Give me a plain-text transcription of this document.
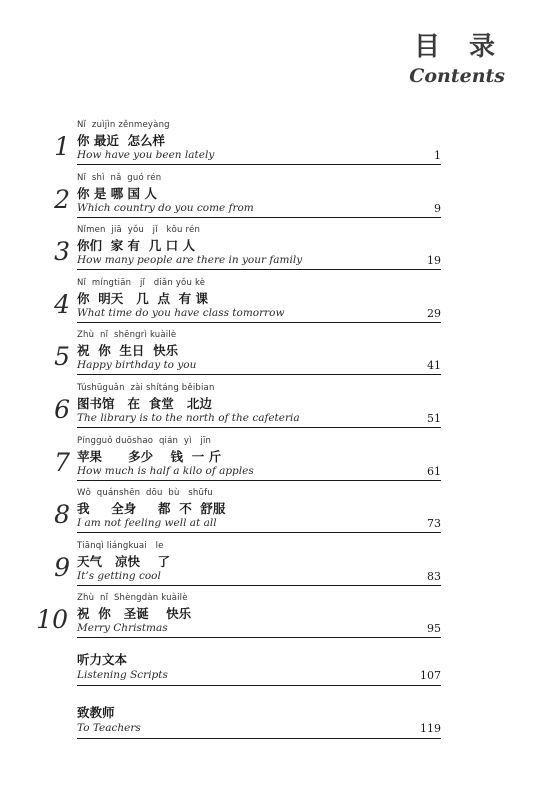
目 录
Contents
1
Nǐ  zuìjìn zěnmeyàng
你 最近  怎么样
How have you been lately	1
2
Nǐ  shì  nǎ  guó rén
你 是 哪 国 人
Which country do you come from	9
3
Nǐmen  jiā  yǒu   jǐ   kǒu rén
你们  家 有  几 口 人
How many people are there in your family	19
4
Nǐ  míngtiān   jǐ   diǎn yǒu kè
你  明天   几  点  有 课
What time do you have class tomorrow	29
5
Zhù  nǐ  shēngrì kuàilè
祝  你  生日  快乐
Happy birthday to you	41
6
Túshūguǎn  zài shítáng běibian
图书馆   在  食堂   北边
The library is to the north of the cafeteria	51
7
Píngguǒ duōshao  qián  yì   jīn
苹果      多少    钱  一 斤
How much is half a kilo of apples	61
8
Wǒ  quánshēn  dōu  bù   shūfu
我     全身     都  不  舒服
I am not feeling well at all	73
9
Tiānqì liángkuai   le
天气   凉快    了
It’s getting cool	83
10
Zhù  nǐ  Shèngdàn kuàilè
祝  你   圣诞    快乐
Merry Christmas	95
听力文本
Listening Scripts	107
致教师
To Teachers	119
